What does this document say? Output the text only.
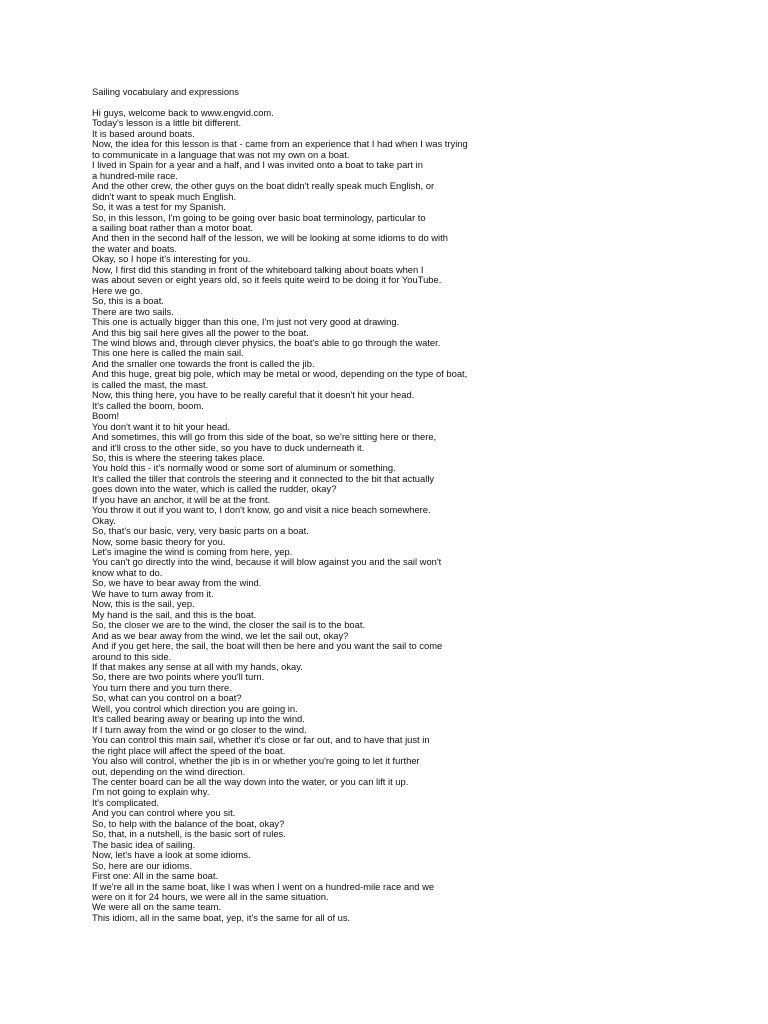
Sailing vocabulary and expressions
Hi guys, welcome back to www.engvid.com.
Today's lesson is a little bit different.
It is based around boats.
Now, the idea for this lesson is that - came from an experience that I had when I was trying
to communicate in a language that was not my own on a boat.
I lived in Spain for a year and a half, and I was invited onto a boat to take part in
a hundred-mile race.
And the other crew, the other guys on the boat didn't really speak much English, or
didn't want to speak much English.
So, it was a test for my Spanish.
So, in this lesson, I'm going to be going over basic boat terminology, particular to
a sailing boat rather than a motor boat.
And then in the second half of the lesson, we will be looking at some idioms to do with
the water and boats.
Okay, so I hope it's interesting for you.
Now, I first did this standing in front of the whiteboard talking about boats when I
was about seven or eight years old, so it feels quite weird to be doing it for YouTube.
Here we go.
So, this is a boat.
There are two sails.
This one is actually bigger than this one, I'm just not very good at drawing.
And this big sail here gives all the power to the boat.
The wind blows and, through clever physics, the boat's able to go through the water.
This one here is called the main sail.
And the smaller one towards the front is called the jib.
And this huge, great big pole, which may be metal or wood, depending on the type of boat,
is called the mast, the mast.
Now, this thing here, you have to be really careful that it doesn't hit your head.
It's called the boom, boom.
Boom!
You don't want it to hit your head.
And sometimes, this will go from this side of the boat, so we're sitting here or there,
and it'll cross to the other side, so you have to duck underneath it.
So, this is where the steering takes place.
You hold this - it's normally wood or some sort of aluminum or something.
It's called the tiller that controls the steering and it connected to the bit that actually
goes down into the water, which is called the rudder, okay?
If you have an anchor, it will be at the front.
You throw it out if you want to, I don't know, go and visit a nice beach somewhere.
Okay.
So, that's our basic, very, very basic parts on a boat.
Now, some basic theory for you.
Let's imagine the wind is coming from here, yep.
You can't go directly into the wind, because it will blow against you and the sail won't
know what to do.
So, we have to bear away from the wind.
We have to turn away from it.
Now, this is the sail, yep.
My hand is the sail, and this is the boat.
So, the closer we are to the wind, the closer the sail is to the boat.
And as we bear away from the wind, we let the sail out, okay?
And if you get here, the sail, the boat will then be here and you want the sail to come
around to this side.
If that makes any sense at all with my hands, okay.
So, there are two points where you'll turn.
You turn there and you turn there.
So, what can you control on a boat?
Well, you control which direction you are going in.
It's called bearing away or bearing up into the wind.
If I turn away from the wind or go closer to the wind.
You can control this main sail, whether it's close or far out, and to have that just in
the right place will affect the speed of the boat.
You also will control, whether the jib is in or whether you're going to let it further
out, depending on the wind direction.
The center board can be all the way down into the water, or you can lift it up.
I'm not going to explain why.
It's complicated.
And you can control where you sit.
So, to help with the balance of the boat, okay?
So, that, in a nutshell, is the basic sort of rules.
The basic idea of sailing.
Now, let's have a look at some idioms.
So, here are our idioms.
First one: All in the same boat.
If we're all in the same boat, like I was when I went on a hundred-mile race and we
were on it for 24 hours, we were all in the same situation.
We were all on the same team.
This idiom, all in the same boat, yep, it's the same for all of us.
